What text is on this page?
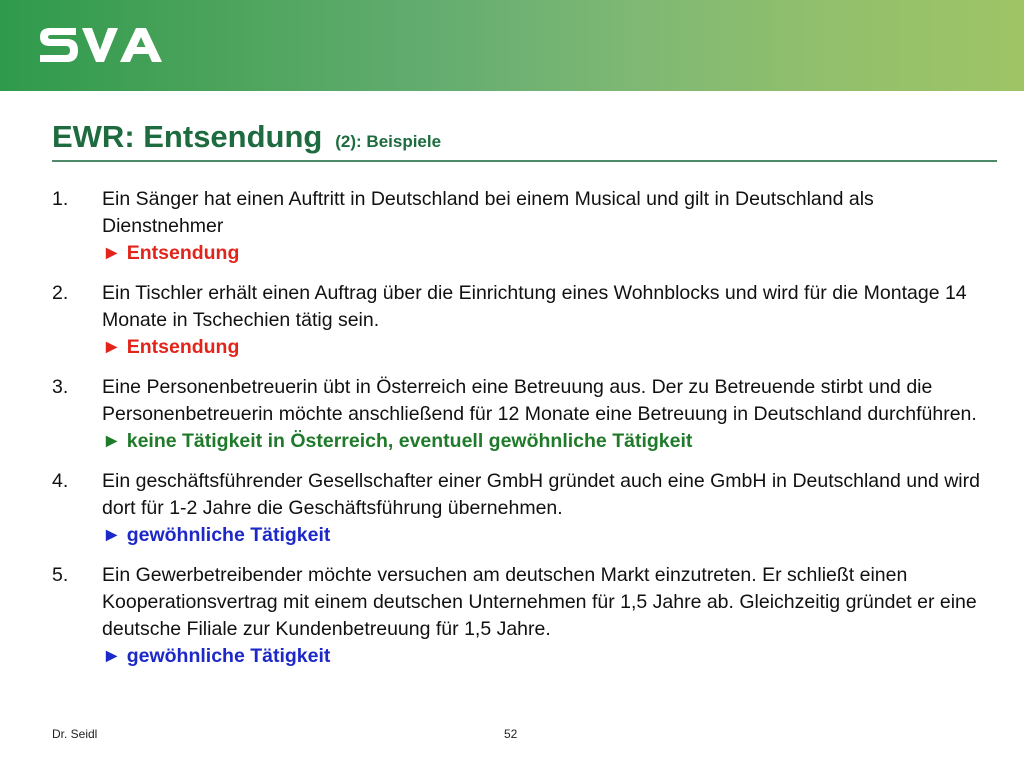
EWR: Entsendung (2): Beispiele
1.	Ein Sänger hat einen Auftritt in Deutschland bei einem Musical und gilt in Deutschland als Dienstnehmer
► Entsendung
2.	Ein Tischler erhält einen Auftrag über die Einrichtung eines Wohnblocks und wird für die Montage 14 Monate in Tschechien tätig sein.
► Entsendung
3.	Eine Personenbetreuerin übt in Österreich eine Betreuung aus. Der zu Betreuende stirbt und die Personenbetreuerin möchte anschließend für 12 Monate eine Betreuung in Deutschland durchführen.
► keine Tätigkeit in Österreich, eventuell gewöhnliche Tätigkeit
4.	Ein geschäftsführender Gesellschafter einer GmbH gründet auch eine GmbH in Deutschland und wird dort für 1-2 Jahre die Geschäftsführung übernehmen.
► gewöhnliche Tätigkeit
5.	Ein Gewerbetreibender möchte versuchen am deutschen Markt einzutreten. Er schließt einen Kooperationsvertrag mit einem deutschen Unternehmen für 1,5 Jahre ab. Gleichzeitig gründet er eine deutsche Filiale zur Kundenbetreuung für 1,5 Jahre.
► gewöhnliche Tätigkeit
Dr. Seidl	52
